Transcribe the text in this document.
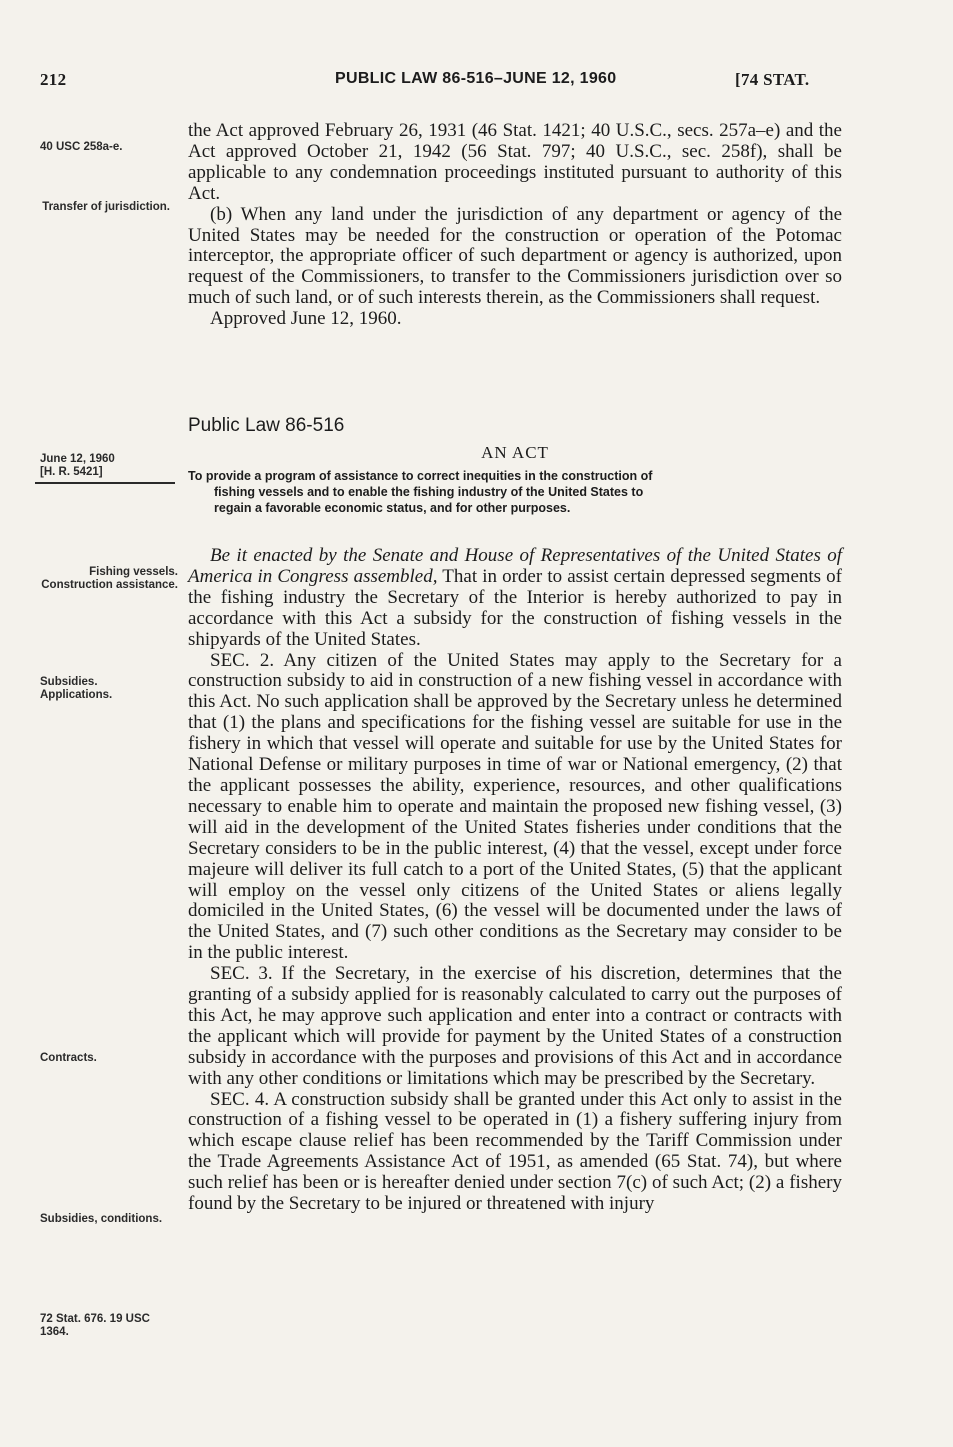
212	PUBLIC LAW 86-516–JUNE 12, 1960	[74 STAT.
40 USC 258a-e.
Transfer of jurisdiction.
June 12, 1960
[H. R. 5421]
Fishing vessels. Construction assistance.
Subsidies. Applications.
Contracts.
Subsidies, conditions.
72 Stat. 676. 19 USC 1364.

the Act approved February 26, 1931 (46 Stat. 1421; 40 U.S.C., secs. 257a–e) and the Act approved October 21, 1942 (56 Stat. 797; 40 U.S.C., sec. 258f), shall be applicable to any condemnation proceedings instituted pursuant to authority of this Act.

(b) When any land under the jurisdiction of any department or agency of the United States may be needed for the construction or operation of the Potomac interceptor, the appropriate officer of such department or agency is authorized, upon request of the Commissioners, to transfer to the Commissioners jurisdiction over so much of such land, or of such interests therein, as the Commissioners shall request.

Approved June 12, 1960.

Public Law 86-516
AN ACT

To provide a program of assistance to correct inequities in the construction of

fishing vessels and to enable the fishing industry of the United States to

regain a favorable economic status, and for other purposes.

Be it enacted by the Senate and House of Representatives of the United States of America in Congress assembled, That in order to assist certain depressed segments of the fishing industry the Secretary of the Interior is hereby authorized to pay in accordance with this Act a subsidy for the construction of fishing vessels in the shipyards of the United States.

SEC. 2. Any citizen of the United States may apply to the Secretary for a construction subsidy to aid in construction of a new fishing vessel in accordance with this Act. No such application shall be approved by the Secretary unless he determined that (1) the plans and specifications for the fishing vessel are suitable for use in the fishery in which that vessel will operate and suitable for use by the United States for National Defense or military purposes in time of war or National emergency, (2) that the applicant possesses the ability, experience, resources, and other qualifications necessary to enable him to operate and maintain the proposed new fishing vessel, (3) will aid in the development of the United States fisheries under conditions that the Secretary considers to be in the public interest, (4) that the vessel, except under force majeure will deliver its full catch to a port of the United States, (5) that the applicant will employ on the vessel only citizens of the United States or aliens legally domiciled in the United States, (6) the vessel will be documented under the laws of the United States, and (7) such other conditions as the Secretary may consider to be in the public interest.

SEC. 3. If the Secretary, in the exercise of his discretion, determines that the granting of a subsidy applied for is reasonably calculated to carry out the purposes of this Act, he may approve such application and enter into a contract or contracts with the applicant which will provide for payment by the United States of a construction subsidy in accordance with the purposes and provisions of this Act and in accordance with any other conditions or limitations which may be prescribed by the Secretary.

SEC. 4. A construction subsidy shall be granted under this Act only to assist in the construction of a fishing vessel to be operated in (1) a fishery suffering injury from which escape clause relief has been recommended by the Tariff Commission under the Trade Agreements Assistance Act of 1951, as amended (65 Stat. 74), but where such relief has been or is hereafter denied under section 7(c) of such Act; (2) a fishery found by the Secretary to be injured or threatened with injury
